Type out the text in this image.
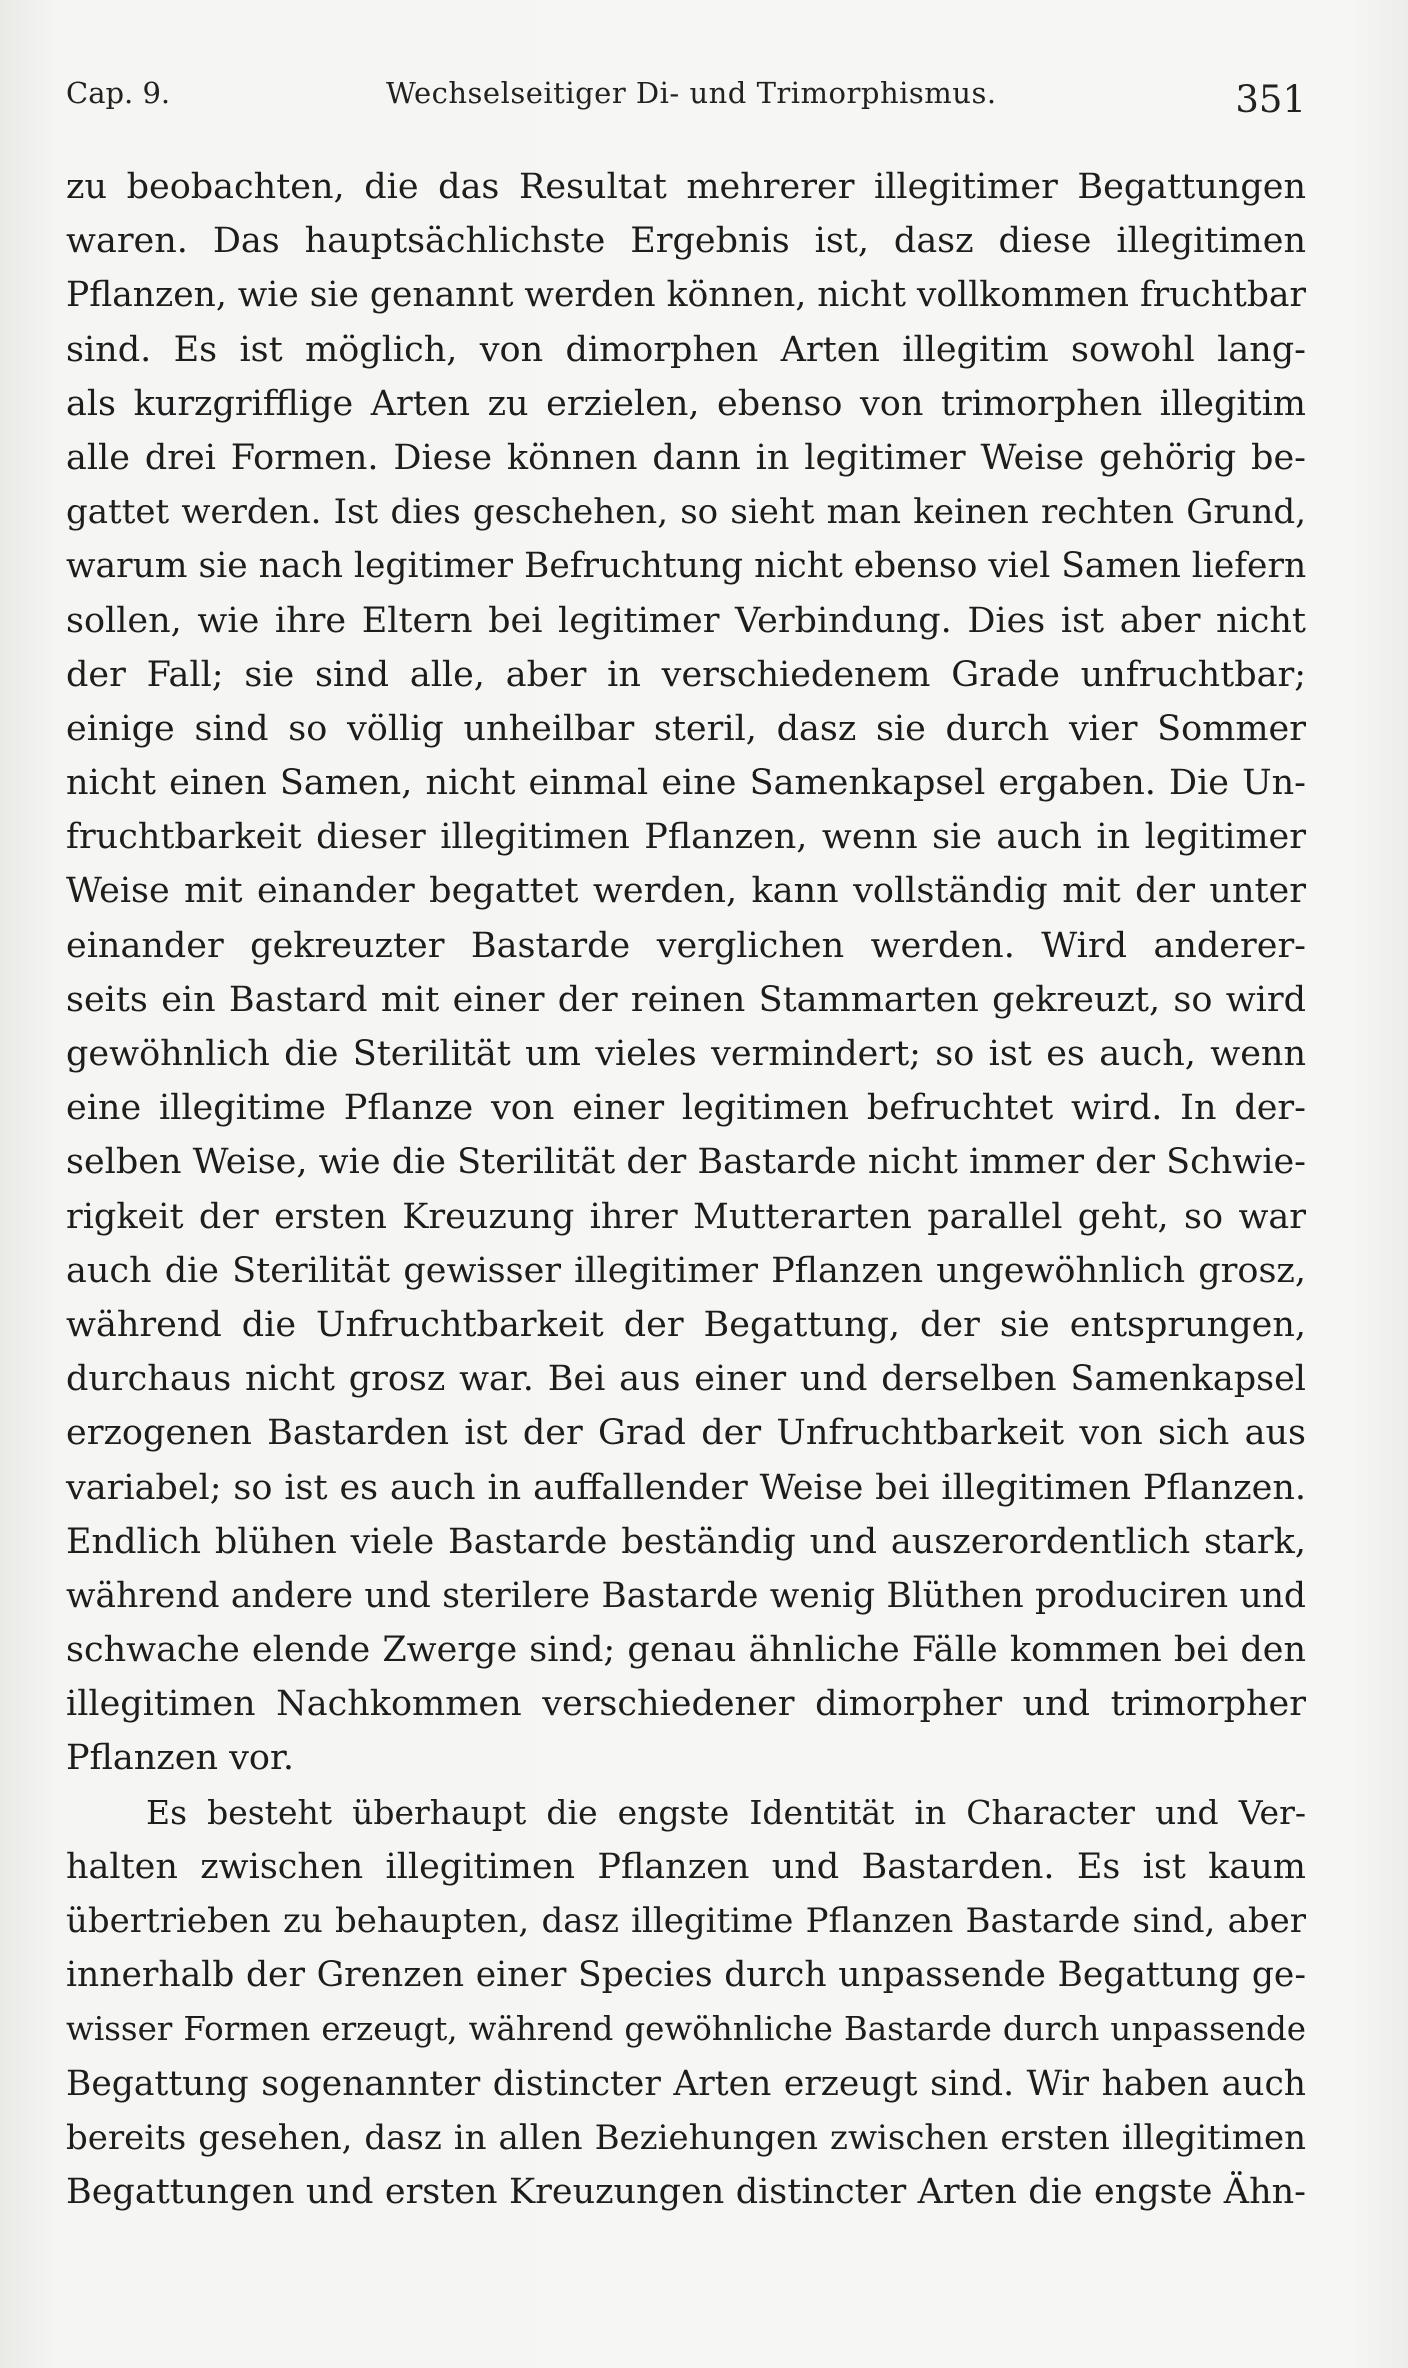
Cap. 9.	Wechselseitiger Di- und Trimorphismus.	351
zu beobachten, die das Resultat mehrerer illegitimer Begattungen
waren. Das hauptsächlichste Ergebnis ist, dasz diese illegitimen
Pflanzen, wie sie genannt werden können, nicht vollkommen fruchtbar
sind. Es ist möglich, von dimorphen Arten illegitim sowohl lang-
als kurzgrifflige Arten zu erzielen, ebenso von trimorphen illegitim
alle drei Formen. Diese können dann in legitimer Weise gehörig be-
gattet werden. Ist dies geschehen, so sieht man keinen rechten Grund,
warum sie nach legitimer Befruchtung nicht ebenso viel Samen liefern
sollen, wie ihre Eltern bei legitimer Verbindung. Dies ist aber nicht
der Fall; sie sind alle, aber in verschiedenem Grade unfruchtbar;
einige sind so völlig unheilbar steril, dasz sie durch vier Sommer
nicht einen Samen, nicht einmal eine Samenkapsel ergaben. Die Un-
fruchtbarkeit dieser illegitimen Pflanzen, wenn sie auch in legitimer
Weise mit einander begattet werden, kann vollständig mit der unter
einander gekreuzter Bastarde verglichen werden. Wird anderer-
seits ein Bastard mit einer der reinen Stammarten gekreuzt, so wird
gewöhnlich die Sterilität um vieles vermindert; so ist es auch, wenn
eine illegitime Pflanze von einer legitimen befruchtet wird. In der-
selben Weise, wie die Sterilität der Bastarde nicht immer der Schwie-
rigkeit der ersten Kreuzung ihrer Mutterarten parallel geht, so war
auch die Sterilität gewisser illegitimer Pflanzen ungewöhnlich grosz,
während die Unfruchtbarkeit der Begattung, der sie entsprungen,
durchaus nicht grosz war. Bei aus einer und derselben Samenkapsel
erzogenen Bastarden ist der Grad der Unfruchtbarkeit von sich aus
variabel; so ist es auch in auffallender Weise bei illegitimen Pflanzen.
Endlich blühen viele Bastarde beständig und auszerordentlich stark,
während andere und sterilere Bastarde wenig Blüthen produciren und
schwache elende Zwerge sind; genau ähnliche Fälle kommen bei den
illegitimen Nachkommen verschiedener dimorpher und trimorpher
Pflanzen vor.
Es besteht überhaupt die engste Identität in Character und Ver-
halten zwischen illegitimen Pflanzen und Bastarden. Es ist kaum
übertrieben zu behaupten, dasz illegitime Pflanzen Bastarde sind, aber
innerhalb der Grenzen einer Species durch unpassende Begattung ge-
wisser Formen erzeugt, während gewöhnliche Bastarde durch unpassende
Begattung sogenannter distincter Arten erzeugt sind. Wir haben auch
bereits gesehen, dasz in allen Beziehungen zwischen ersten illegitimen
Begattungen und ersten Kreuzungen distincter Arten die engste Ähn-
